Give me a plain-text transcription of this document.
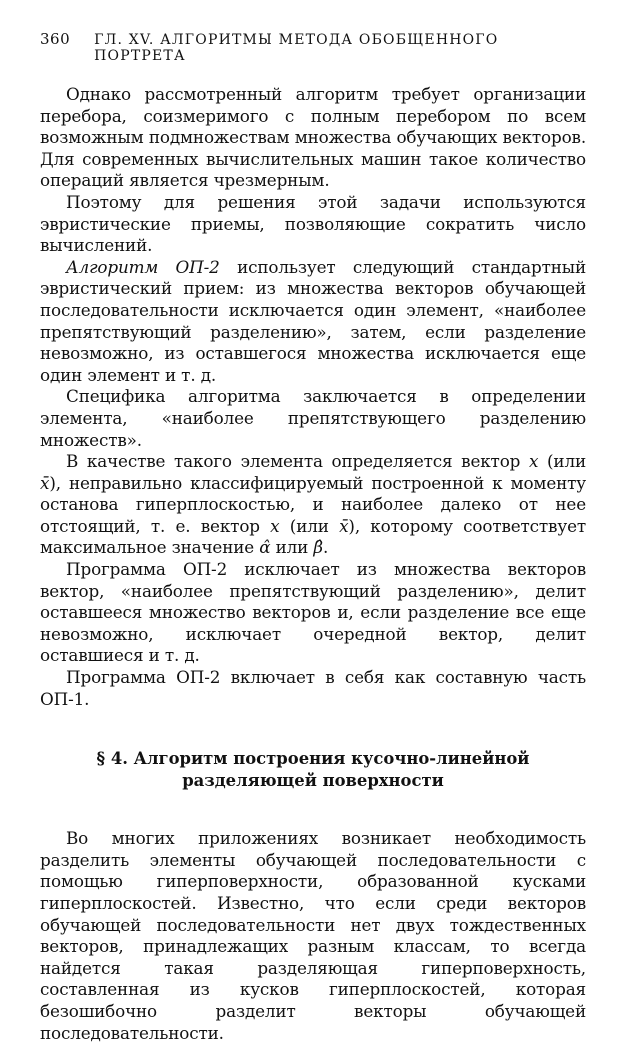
360 ГЛ. XV. АЛГОРИТМЫ МЕТОДА ОБОБЩЕННОГО ПОРТРЕТА

Однако рассмотренный алгоритм требует организации перебора, соизмеримого с полным перебором по всем возможным подмножествам множества обучающих векторов. Для современных вычислительных машин такое количество операций является чрезмерным.

Поэтому для решения этой задачи используются эвристические приемы, позволяющие сократить число вычислений.

Алгоритм ОП-2 использует следующий стандартный эвристический прием: из множества векторов обучающей последовательности исключается один элемент, «наиболее препятствующий разделению», затем, если разделение невозможно, из оставшегося множества исключается еще один элемент и т. д.

Специфика алгоритма заключается в определении элемента, «наиболее препятствующего разделению множеств».

В качестве такого элемента определяется вектор x (или x̄), неправильно классифицируемый построенной к моменту останова гиперплоскостью, и наиболее далеко от нее отстоящий, т. е. вектор x (или x̄), которому соответствует максимальное значение α̂ или β̂.

Программа ОП-2 исключает из множества векторов вектор, «наиболее препятствующий разделению», делит оставшееся множество векторов и, если разделение все еще невозможно, исключает очередной вектор, делит оставшиеся и т. д.

Программа ОП-2 включает в себя как составную часть ОП-1.

§ 4. Алгоритм построения кусочно-линейной
разделяющей поверхности

Во многих приложениях возникает необходимость разделить элементы обучающей последовательности с помощью гиперповерхности, образованной кусками гиперплоскостей. Известно, что если среди векторов обучающей последовательности нет двух тождественных векторов, принадлежащих разным классам, то всегда найдется такая разделяющая гиперповерхность, составленная из кусков гиперплоскостей, которая безошибочно разделит векторы обучающей последовательности.
